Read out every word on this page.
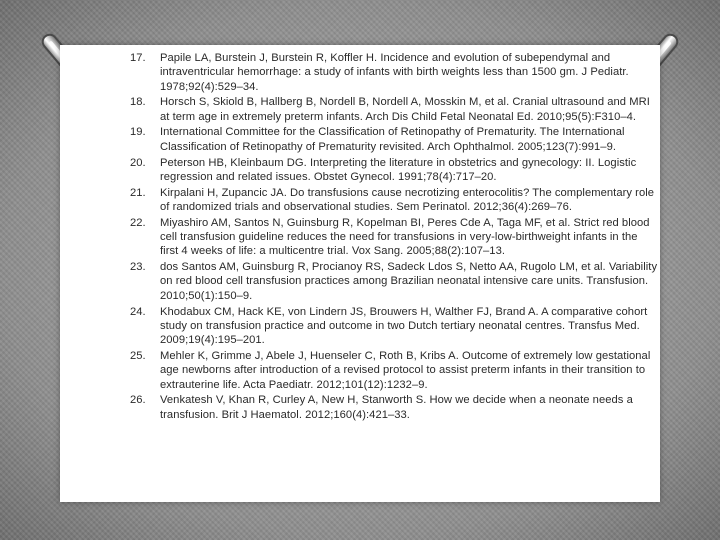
17.	Papile LA, Burstein J, Burstein R, Koffler H. Incidence and evolution of subependymal and intraventricular hemorrhage: a study of infants with birth weights less than 1500 gm. J Pediatr. 1978;92(4):529–34.
18.	Horsch S, Skiold B, Hallberg B, Nordell B, Nordell A, Mosskin M, et al. Cranial ultrasound and MRI at term age in extremely preterm infants. Arch Dis Child Fetal Neonatal Ed. 2010;95(5):F310–4.
19.	International Committee for the Classification of Retinopathy of Prematurity. The International Classification of Retinopathy of Prematurity revisited. Arch Ophthalmol. 2005;123(7):991–9.
20.	Peterson HB, Kleinbaum DG. Interpreting the literature in obstetrics and gynecology: II. Logistic regression and related issues. Obstet Gynecol. 1991;78(4):717–20.
21.	Kirpalani H, Zupancic JA. Do transfusions cause necrotizing enterocolitis? The complementary role of randomized trials and observational studies. Sem Perinatol. 2012;36(4):269–76.
22.	Miyashiro AM, Santos N, Guinsburg R, Kopelman BI, Peres Cde A, Taga MF, et al. Strict red blood cell transfusion guideline reduces the need for transfusions in very-low-birthweight infants in the first 4 weeks of life: a multicentre trial. Vox Sang. 2005;88(2):107–13.
23.	dos Santos AM, Guinsburg R, Procianoy RS, Sadeck Ldos S, Netto AA, Rugolo LM, et al. Variability on red blood cell transfusion practices among Brazilian neonatal intensive care units. Transfusion. 2010;50(1):150–9.
24.	Khodabux CM, Hack KE, von Lindern JS, Brouwers H, Walther FJ, Brand A. A comparative cohort study on transfusion practice and outcome in two Dutch tertiary neonatal centres. Transfus Med. 2009;19(4):195–201.
25.	Mehler K, Grimme J, Abele J, Huenseler C, Roth B, Kribs A. Outcome of extremely low gestational age newborns after introduction of a revised protocol to assist preterm infants in their transition to extrauterine life. Acta Paediatr. 2012;101(12):1232–9.
26.	Venkatesh V, Khan R, Curley A, New H, Stanworth S. How we decide when a neonate needs a transfusion. Brit J Haematol. 2012;160(4):421–33.
